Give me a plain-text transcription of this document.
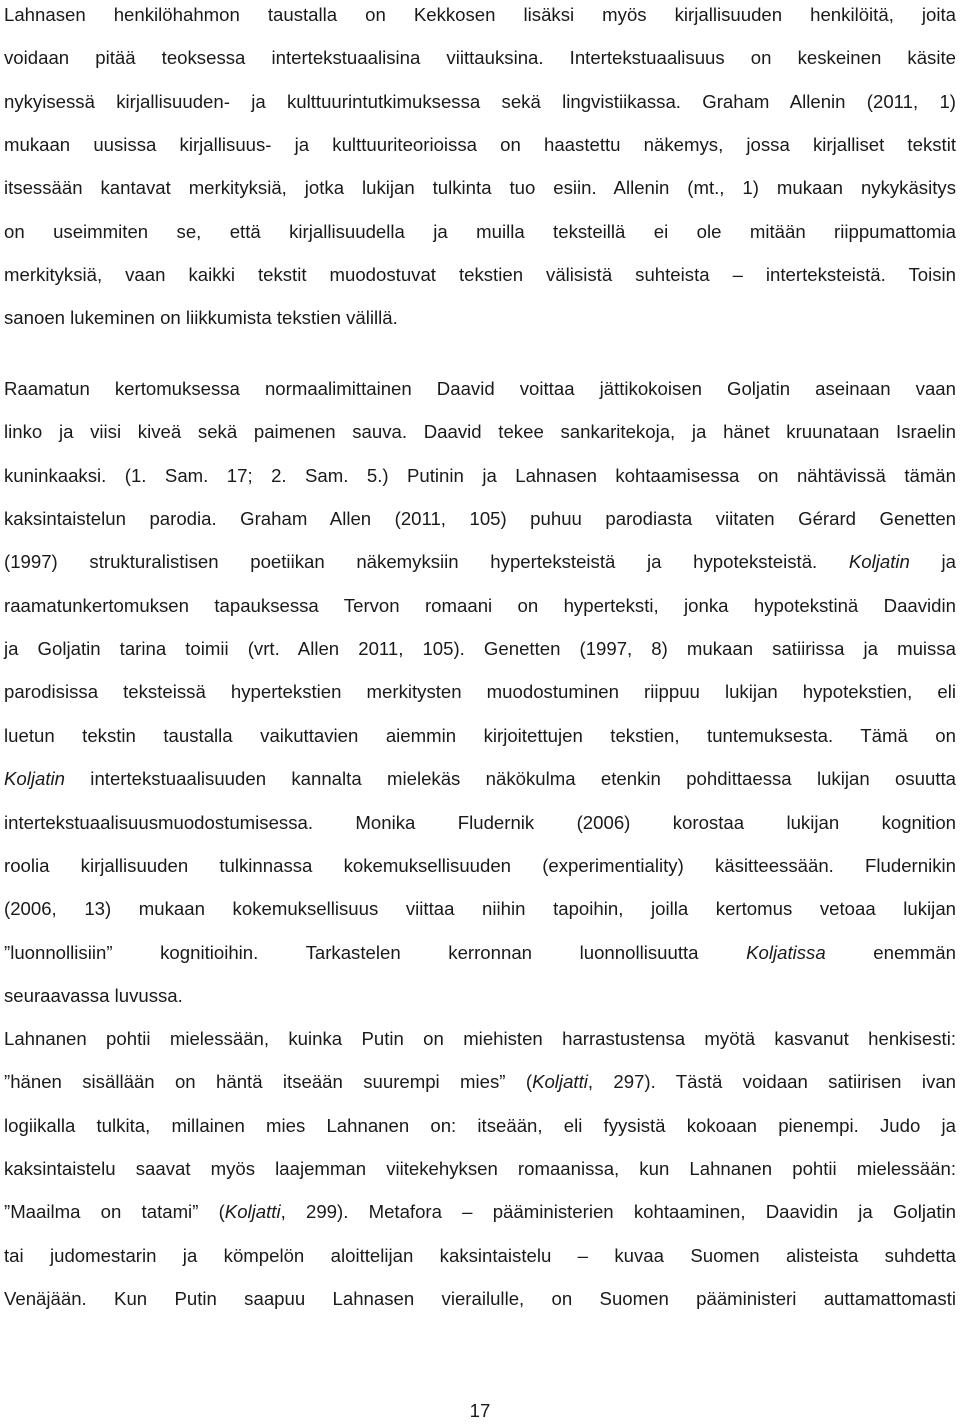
Lahnasen henkilöhahmon taustalla on Kekkosen lisäksi myös kirjallisuuden henkilöitä, joita
voidaan pitää teoksessa intertekstuaalisina viittauksina. Intertekstuaalisuus on keskeinen käsite
nykyisessä kirjallisuuden- ja kulttuurintutkimuksessa sekä lingvistiikassa. Graham Allenin (2011, 1)
mukaan uusissa kirjallisuus- ja kulttuuriteorioissa on haastettu näkemys, jossa kirjalliset tekstit
itsessään kantavat merkityksiä, jotka lukijan tulkinta tuo esiin. Allenin (mt., 1) mukaan nykykäsitys
on useimmiten se, että kirjallisuudella ja muilla teksteillä ei ole mitään riippumattomia
merkityksiä, vaan kaikki tekstit muodostuvat tekstien välisistä suhteista – interteksteistä. Toisin
sanoen lukeminen on liikkumista tekstien välillä.
Raamatun kertomuksessa normaalimittainen Daavid voittaa jättikokoisen Goljatin aseinaan vaan
linko ja viisi kiveä sekä paimenen sauva. Daavid tekee sankaritekoja, ja hänet kruunataan Israelin
kuninkaaksi. (1. Sam. 17; 2. Sam. 5.) Putinin ja Lahnasen kohtaamisessa on nähtävissä tämän
kaksintaistelun parodia. Graham Allen (2011, 105) puhuu parodiasta viitaten Gérard Genetten
(1997) strukturalistisen poetiikan näkemyksiin hyperteksteistä ja hypoteksteistä. Koljatin ja
raamatunkertomuksen tapauksessa Tervon romaani on hyperteksti, jonka hypotekstinä Daavidin
ja Goljatin tarina toimii (vrt. Allen 2011, 105). Genetten (1997, 8) mukaan satiirissa ja muissa
parodisissa teksteissä hypertekstien merkitysten muodostuminen riippuu lukijan hypotekstien, eli
luetun tekstin taustalla vaikuttavien aiemmin kirjoitettujen tekstien, tuntemuksesta. Tämä on
Koljatin intertekstuaalisuuden kannalta mielekäs näkökulma etenkin pohdittaessa lukijan osuutta
intertekstuaalisuusmuodostumisessa. Monika Fludernik (2006) korostaa lukijan kognition
roolia kirjallisuuden tulkinnassa kokemuksellisuuden (experimentiality) käsitteessään. Fludernikin
(2006, 13) mukaan kokemuksellisuus viittaa niihin tapoihin, joilla kertomus vetoaa lukijan
”luonnollisiin” kognitioihin. Tarkastelen kerronnan luonnollisuutta Koljatissa enemmän
seuraavassa luvussa.
Lahnanen pohtii mielessään, kuinka Putin on miehisten harrastustensa myötä kasvanut henkisesti:
”hänen sisällään on häntä itseään suurempi mies” (Koljatti, 297). Tästä voidaan satiirisen ivan
logiikalla tulkita, millainen mies Lahnanen on: itseään, eli fyysistä kokoaan pienempi. Judo ja
kaksintaistelu saavat myös laajemman viitekehyksen romaanissa, kun Lahnanen pohtii mielessään:
”Maailma on tatami” (Koljatti, 299). Metafora – pääministerien kohtaaminen, Daavidin ja Goljatin
tai judomestarin ja kömpelön aloittelijan kaksintaistelu – kuvaa Suomen alisteista suhdetta
Venäjään. Kun Putin saapuu Lahnasen vierailulle, on Suomen pääministeri auttamattomasti
17
